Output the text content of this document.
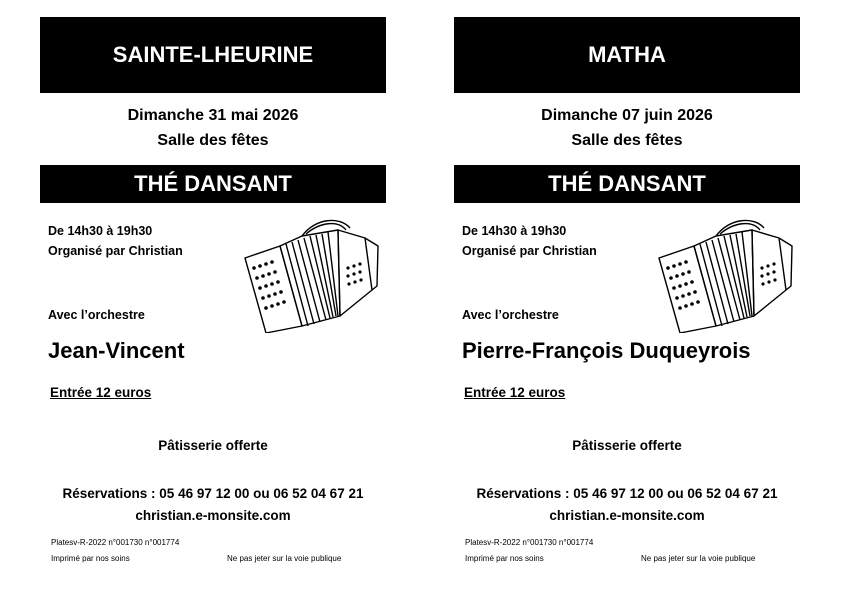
SAINTE-LHEURINE
Dimanche 31 mai 2026
Salle des fêtes
THÉ DANSANT
De 14h30 à 19h30
Organisé par Christian
Avec l’orchestre
Jean-Vincent
Entrée 12 euros
Pâtisserie offerte
Réservations : 05 46 97 12 00 ou 06 52 04 67 21
christian.e-monsite.com
Platesv-R-2022 n°001730 n°001774
Imprimé par nos soins	Ne pas jeter sur la voie publique
MATHA
Dimanche 07 juin 2026
Salle des fêtes
THÉ DANSANT
De 14h30 à 19h30
Organisé par Christian
Avec l’orchestre
Pierre-François Duqueyrois
Entrée 12 euros
Pâtisserie offerte
Réservations : 05 46 97 12 00 ou 06 52 04 67 21
christian.e-monsite.com
Platesv-R-2022 n°001730 n°001774
Imprimé par nos soins	Ne pas jeter sur la voie publique
